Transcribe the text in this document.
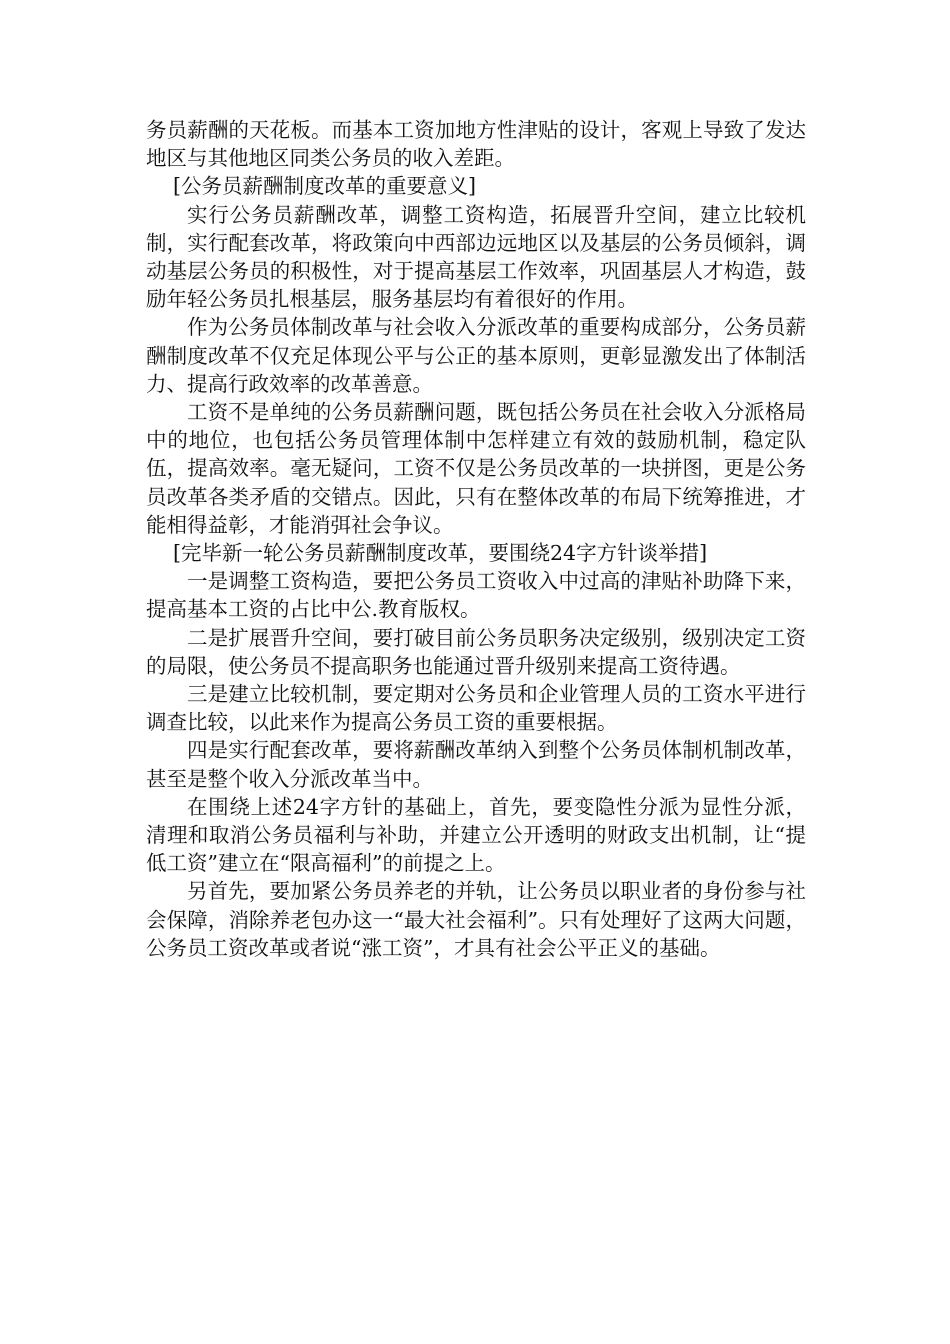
务员薪酬的天花板。而基本工资加地方性津贴的设计，客观上导致了发达地区与其他地区同类公务员的收入差距。

[公务员薪酬制度改革的重要意义]

实行公务员薪酬改革，调整工资构造，拓展晋升空间，建立比较机制，实行配套改革，将政策向中西部边远地区以及基层的公务员倾斜，调动基层公务员的积极性，对于提高基层工作效率，巩固基层人才构造，鼓励年轻公务员扎根基层，服务基层均有着很好的作用。

作为公务员体制改革与社会收入分派改革的重要构成部分，公务员薪酬制度改革不仅充足体现公平与公正的基本原则，更彰显激发出了体制活力、提高行政效率的改革善意。

工资不是单纯的公务员薪酬问题，既包括公务员在社会收入分派格局中的地位，也包括公务员管理体制中怎样建立有效的鼓励机制，稳定队伍，提高效率。毫无疑问，工资不仅是公务员改革的一块拼图，更是公务员改革各类矛盾的交错点。因此，只有在整体改革的布局下统筹推进，才能相得益彰，才能消弭社会争议。

[完毕新一轮公务员薪酬制度改革，要围绕24字方针谈举措]

一是调整工资构造，要把公务员工资收入中过高的津贴补助降下来，提高基本工资的占比中公.教育版权。

二是扩展晋升空间，要打破目前公务员职务决定级别，级别决定工资的局限，使公务员不提高职务也能通过晋升级别来提高工资待遇。

三是建立比较机制，要定期对公务员和企业管理人员的工资水平进行调查比较，以此来作为提高公务员工资的重要根据。

四是实行配套改革，要将薪酬改革纳入到整个公务员体制机制改革，甚至是整个收入分派改革当中。

在围绕上述24字方针的基础上，首先，要变隐性分派为显性分派，清理和取消公务员福利与补助，并建立公开透明的财政支出机制，让“提低工资”建立在“限高福利”的前提之上。

另首先，要加紧公务员养老的并轨，让公务员以职业者的身份参与社会保障，消除养老包办这一“最大社会福利”。只有处理好了这两大问题，公务员工资改革或者说“涨工资”，才具有社会公平正义的基础。
